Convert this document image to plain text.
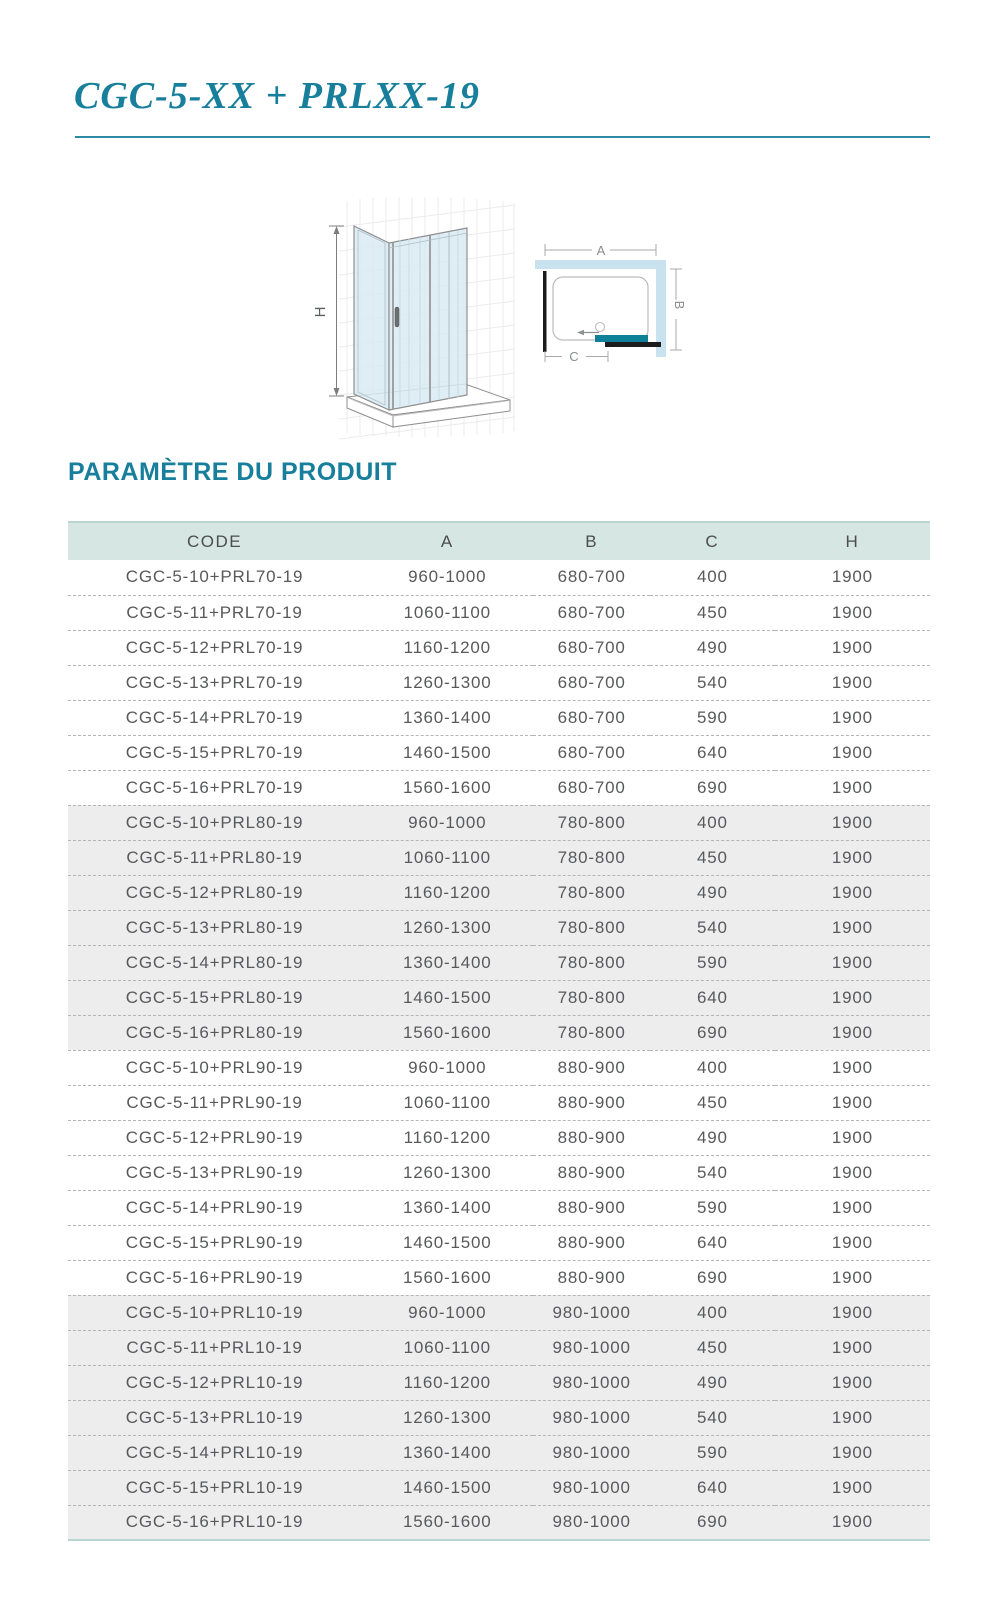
CGC-5-XX + PRLXX-19
H
A
B
C
PARAMÈTRE DU PRODUIT
CODE	A	B	C	H
CGC-5-10+PRL70-19	960-1000	680-700	400	1900
CGC-5-11+PRL70-19	1060-1100	680-700	450	1900
CGC-5-12+PRL70-19	1160-1200	680-700	490	1900
CGC-5-13+PRL70-19	1260-1300	680-700	540	1900
CGC-5-14+PRL70-19	1360-1400	680-700	590	1900
CGC-5-15+PRL70-19	1460-1500	680-700	640	1900
CGC-5-16+PRL70-19	1560-1600	680-700	690	1900
CGC-5-10+PRL80-19	960-1000	780-800	400	1900
CGC-5-11+PRL80-19	1060-1100	780-800	450	1900
CGC-5-12+PRL80-19	1160-1200	780-800	490	1900
CGC-5-13+PRL80-19	1260-1300	780-800	540	1900
CGC-5-14+PRL80-19	1360-1400	780-800	590	1900
CGC-5-15+PRL80-19	1460-1500	780-800	640	1900
CGC-5-16+PRL80-19	1560-1600	780-800	690	1900
CGC-5-10+PRL90-19	960-1000	880-900	400	1900
CGC-5-11+PRL90-19	1060-1100	880-900	450	1900
CGC-5-12+PRL90-19	1160-1200	880-900	490	1900
CGC-5-13+PRL90-19	1260-1300	880-900	540	1900
CGC-5-14+PRL90-19	1360-1400	880-900	590	1900
CGC-5-15+PRL90-19	1460-1500	880-900	640	1900
CGC-5-16+PRL90-19	1560-1600	880-900	690	1900
CGC-5-10+PRL10-19	960-1000	980-1000	400	1900
CGC-5-11+PRL10-19	1060-1100	980-1000	450	1900
CGC-5-12+PRL10-19	1160-1200	980-1000	490	1900
CGC-5-13+PRL10-19	1260-1300	980-1000	540	1900
CGC-5-14+PRL10-19	1360-1400	980-1000	590	1900
CGC-5-15+PRL10-19	1460-1500	980-1000	640	1900
CGC-5-16+PRL10-19	1560-1600	980-1000	690	1900
